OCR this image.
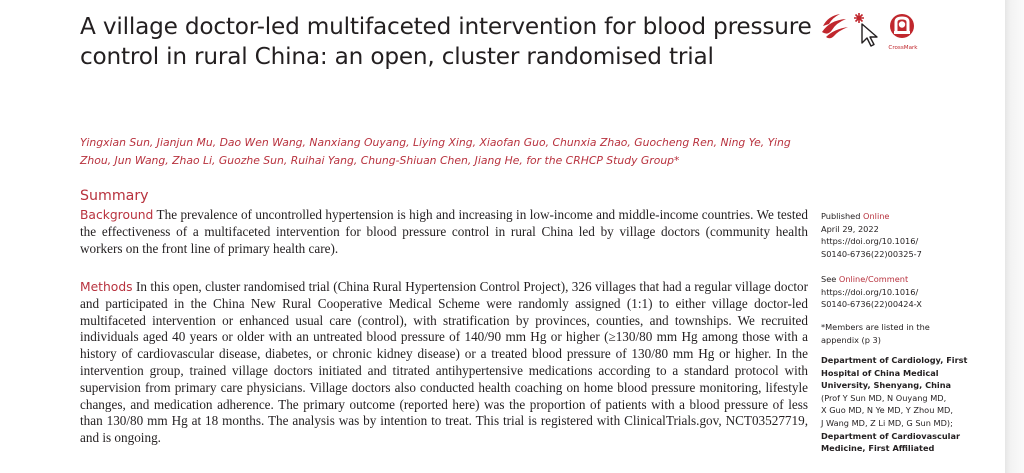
A village doctor-led multifaceted intervention for blood pressure control in rural China: an open, cluster randomised trial	CrossMark

Yingxian Sun, Jianjun Mu, Dao Wen Wang, Nanxiang Ouyang, Liying Xing, Xiaofan Guo, Chunxia Zhao, Guocheng Ren, Ning Ye, Ying Zhou, Jun Wang, Zhao Li, Guozhe Sun, Ruihai Yang, Chung-Shiuan Chen, Jiang He, for the CRHCP Study Group*

Summary

Background The prevalence of uncontrolled hypertension is high and increasing in low-income and middle-income countries. We tested the effectiveness of a multifaceted intervention for blood pressure control in rural China led by village doctors (community health workers on the front line of primary health care).

Methods In this open, cluster randomised trial (China Rural Hypertension Control Project), 326 villages that had a regular village doctor and participated in the China New Rural Cooperative Medical Scheme were randomly assigned (1:1) to either village doctor-led multifaceted intervention or enhanced usual care (control), with stratification by provinces, counties, and townships. We recruited individuals aged 40 years or older with an untreated blood pressure of 140/90 mm Hg or higher (≥130/80 mm Hg among those with a history of cardiovascular disease, diabetes, or chronic kidney disease) or a treated blood pressure of 130/80 mm Hg or higher. In the intervention group, trained village doctors initiated and titrated antihypertensive medications according to a standard protocol with supervision from primary care physicians. Village doctors also conducted health coaching on home blood pressure monitoring, lifestyle changes, and medication adherence. The primary outcome (reported here) was the proportion of patients with a blood pressure of less than 130/80 mm Hg at 18 months. The analysis was by intention to treat. This trial is registered with ClinicalTrials.gov, NCT03527719, and is ongoing.

Published Online
April 29, 2022
https://doi.org/10.1016/
S0140-6736(22)00325-7
See Online/Comment
https://doi.org/10.1016/
S0140-6736(22)00424-X
*Members are listed in the
appendix (p 3)
Department of Cardiology, First
Hospital of China Medical
University, Shenyang, China
(Prof Y Sun MD, N Ouyang MD,
X Guo MD, N Ye MD, Y Zhou MD,
J Wang MD, Z Li MD, G Sun MD);
Department of Cardiovascular
Medicine, First Affiliated
